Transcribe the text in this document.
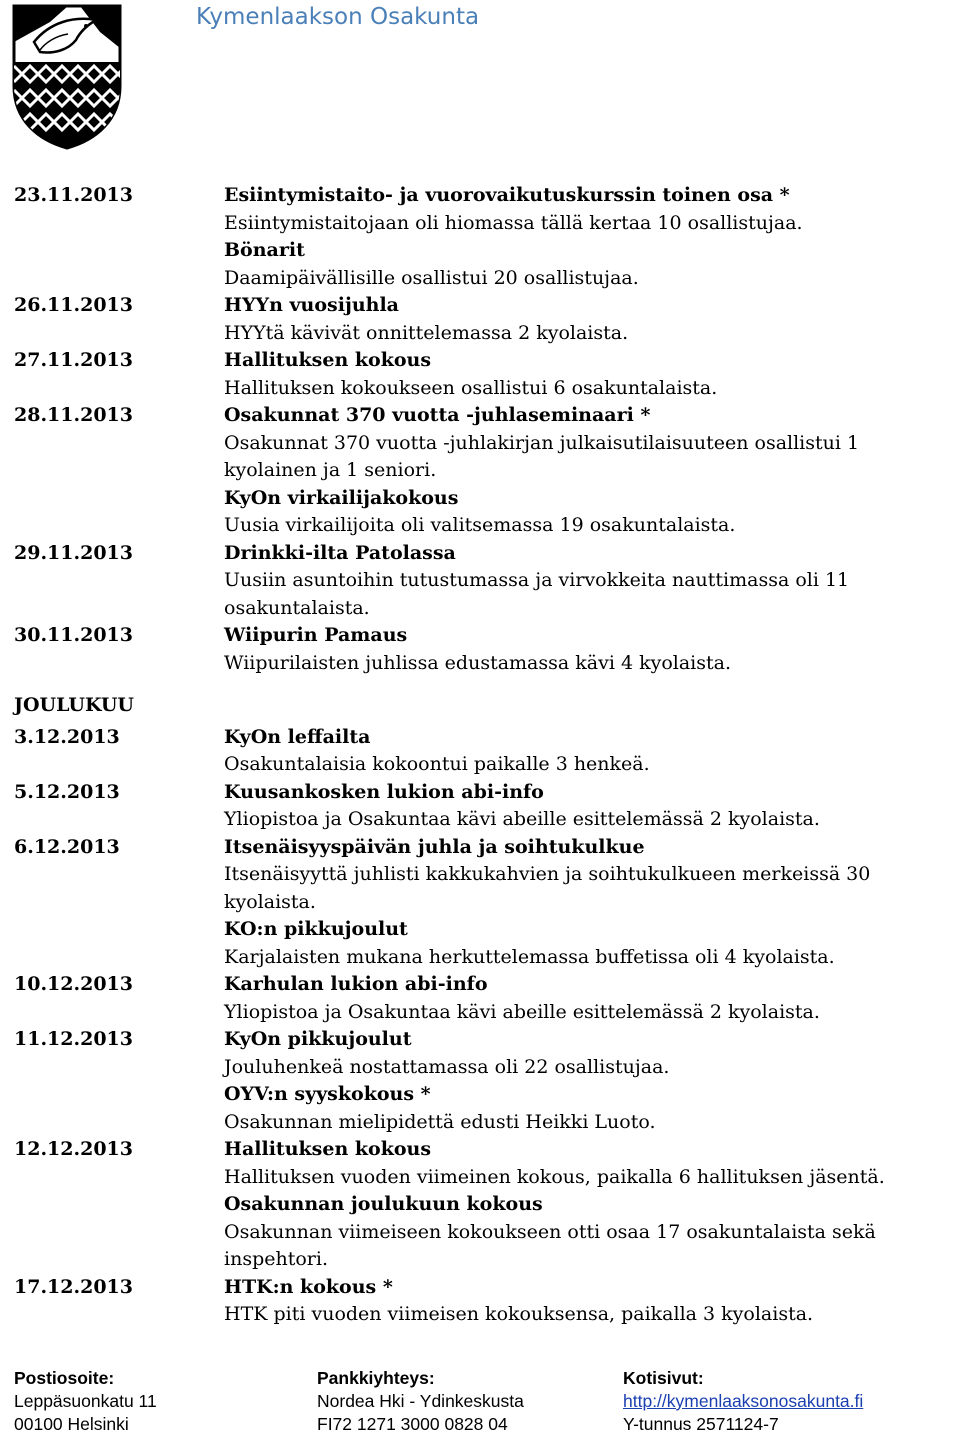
Kymenlaakson Osakunta
23.11.2013	Esiintymistaito- ja vuorovaikutuskurssin toinen osa *
Esiintymistaitojaan oli hiomassa tällä kertaa 10 osallistujaa.
Bönarit
Daamipäivällisille osallistui 20 osallistujaa.
26.11.2013	HYYn vuosijuhla
HYYtä kävivät onnittelemassa 2 kyolaista.
27.11.2013	Hallituksen kokous
Hallituksen kokoukseen osallistui 6 osakuntalaista.
28.11.2013	Osakunnat 370 vuotta -juhlaseminaari *
Osakunnat 370 vuotta -juhlakirjan julkaisutilaisuuteen osallistui 1 kyolainen ja 1 seniori.
KyOn virkailijakokous
Uusia virkailijoita oli valitsemassa 19 osakuntalaista.
29.11.2013	Drinkki-ilta Patolassa
Uusiin asuntoihin tutustumassa ja virvokkeita nauttimassa oli 11 osakuntalaista.
30.11.2013	Wiipurin Pamaus
Wiipurilaisten juhlissa edustamassa kävi 4 kyolaista.
JOULUKUU
3.12.2013	KyOn leffailta
Osakuntalaisia kokoontui paikalle 3 henkeä.
5.12.2013	Kuusankosken lukion abi-info
Yliopistoa ja Osakuntaa kävi abeille esittelemässä 2 kyolaista.
6.12.2013	Itsenäisyyspäivän juhla ja soihtukulkue
Itsenäisyyttä juhlisti kakkukahvien ja soihtukulkueen merkeissä 30 kyolaista.
KO:n pikkujoulut
Karjalaisten mukana herkuttelemassa buffetissa oli 4 kyolaista.
10.12.2013	Karhulan lukion abi-info
Yliopistoa ja Osakuntaa kävi abeille esittelemässä 2 kyolaista.
11.12.2013	KyOn pikkujoulut
Jouluhenkeä nostattamassa oli 22 osallistujaa.
OYV:n syyskokous *
Osakunnan mielipidettä edusti Heikki Luoto.
12.12.2013	Hallituksen kokous
Hallituksen vuoden viimeinen kokous, paikalla 6 hallituksen jäsentä.
Osakunnan joulukuun kokous
Osakunnan viimeiseen kokoukseen otti osaa 17 osakuntalaista sekä inspehtori.
17.12.2013	HTK:n kokous *
HTK piti vuoden viimeisen kokouksensa, paikalla 3 kyolaista.
Postiosoite:
Leppäsuonkatu 11
00100 Helsinki
Pankkiyhteys:
Nordea Hki - Ydinkeskusta
FI72 1271 3000 0828 04
Kotisivut:
http://kymenlaaksonosakunta.fi
Y-tunnus 2571124-7
